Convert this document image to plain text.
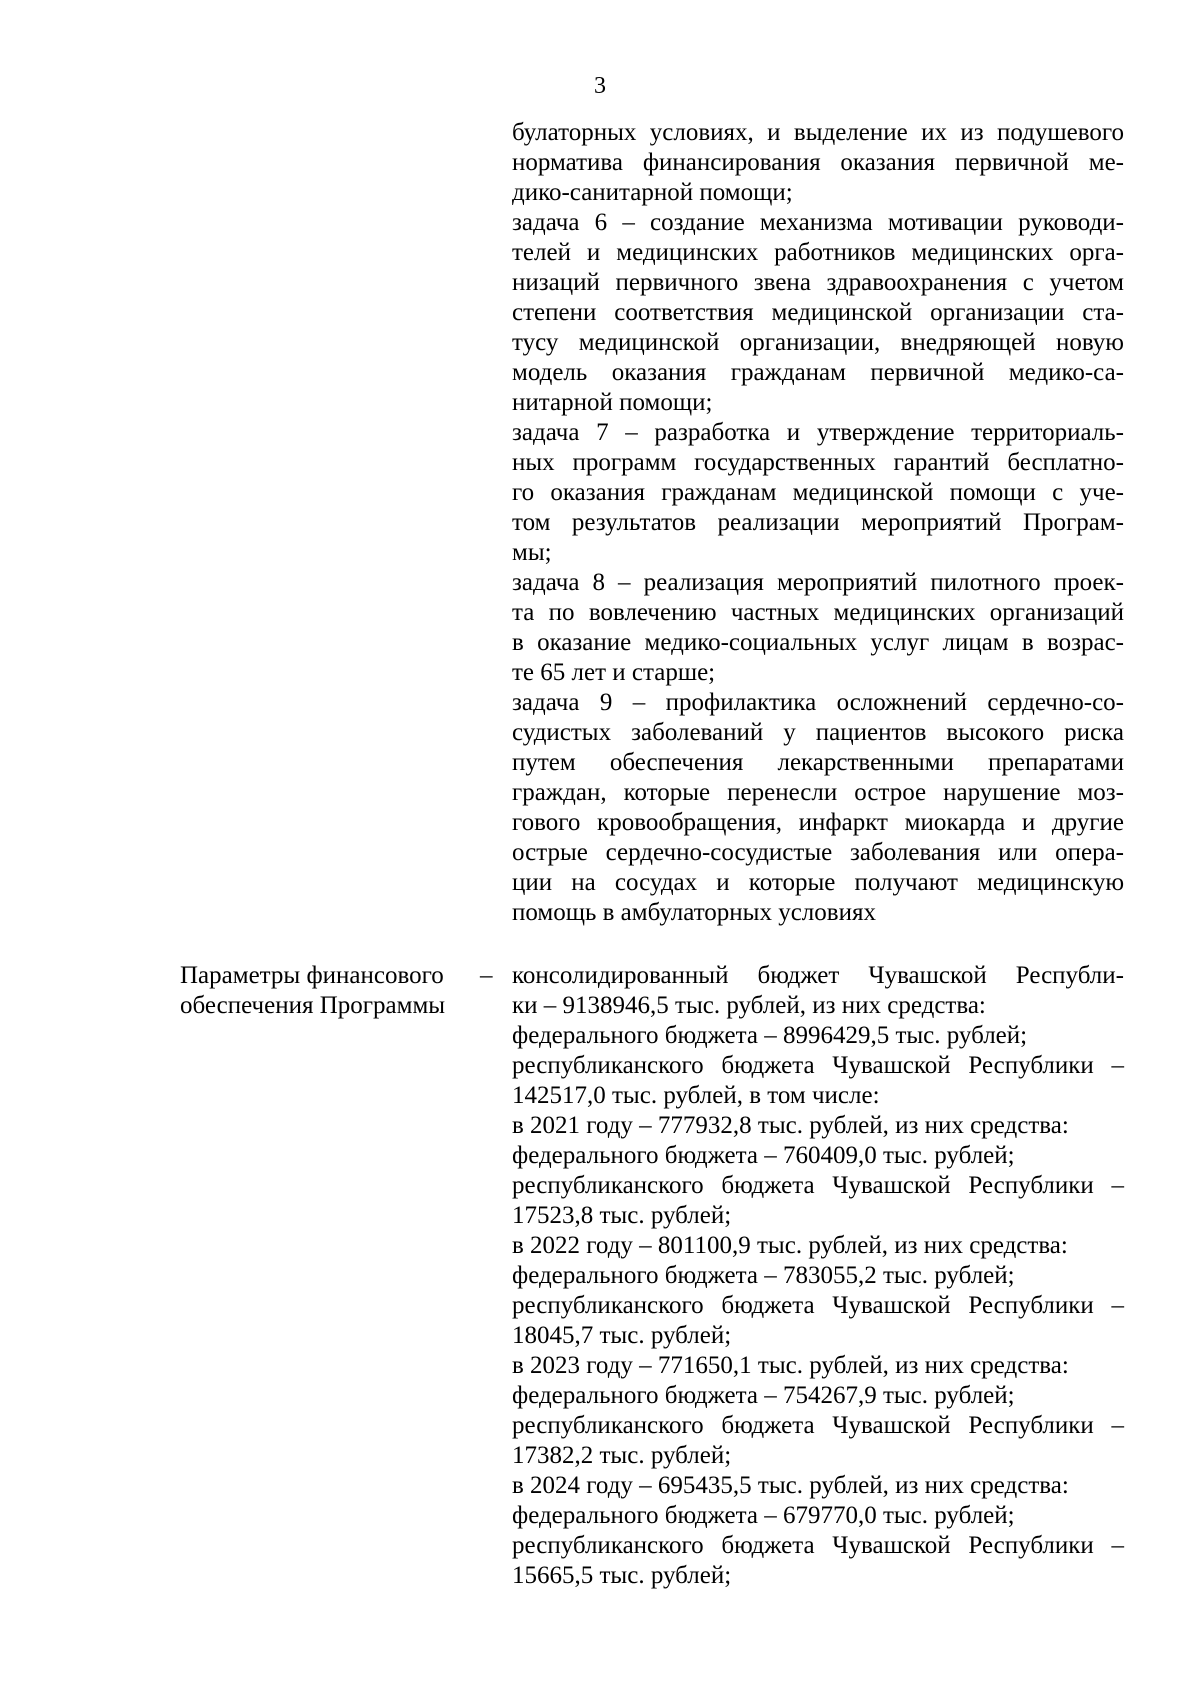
3
булаторных условиях, и выделение их из подушевого
норматива финансирования оказания первичной ме-
дико-санитарной помощи;
задача 6 – создание механизма мотивации руководи-
телей и медицинских работников медицинских орга-
низаций первичного звена здравоохранения с учетом
степени соответствия медицинской организации ста-
тусу медицинской организации, внедряющей новую
модель оказания гражданам первичной медико-са-
нитарной помощи;
задача 7 – разработка и утверждение территориаль-
ных программ государственных гарантий бесплатно-
го оказания гражданам медицинской помощи с уче-
том результатов реализации мероприятий Програм-
мы;
задача 8 – реализация мероприятий пилотного проек-
та по вовлечению частных медицинских организаций
в оказание медико-социальных услуг лицам в возрас-
те 65 лет и старше;
задача 9 – профилактика осложнений сердечно-со-
судистых заболеваний у пациентов высокого риска
путем обеспечения лекарственными препаратами
граждан, которые перенесли острое нарушение моз-
гового кровообращения, инфаркт миокарда и другие
острые сердечно-сосудистые заболевания или опера-
ции на сосудах и которые получают медицинскую
помощь в амбулаторных условиях
Параметры финансового
обеспечения Программы
– консолидированный бюджет Чувашской Республи-
ки – 9138946,5 тыс. рублей, из них средства:
федерального бюджета – 8996429,5 тыс. рублей;
республиканского бюджета Чувашской Республики –
142517,0 тыс. рублей, в том числе:
в 2021 году – 777932,8 тыс. рублей, из них средства:
федерального бюджета – 760409,0 тыс. рублей;
республиканского бюджета Чувашской Республики –
17523,8 тыс. рублей;
в 2022 году – 801100,9 тыс. рублей, из них средства:
федерального бюджета – 783055,2 тыс. рублей;
республиканского бюджета Чувашской Республики –
18045,7 тыс. рублей;
в 2023 году – 771650,1 тыс. рублей, из них средства:
федерального бюджета – 754267,9 тыс. рублей;
республиканского бюджета Чувашской Республики –
17382,2 тыс. рублей;
в 2024 году – 695435,5 тыс. рублей, из них средства:
федерального бюджета – 679770,0 тыс. рублей;
республиканского бюджета Чувашской Республики –
15665,5 тыс. рублей;
